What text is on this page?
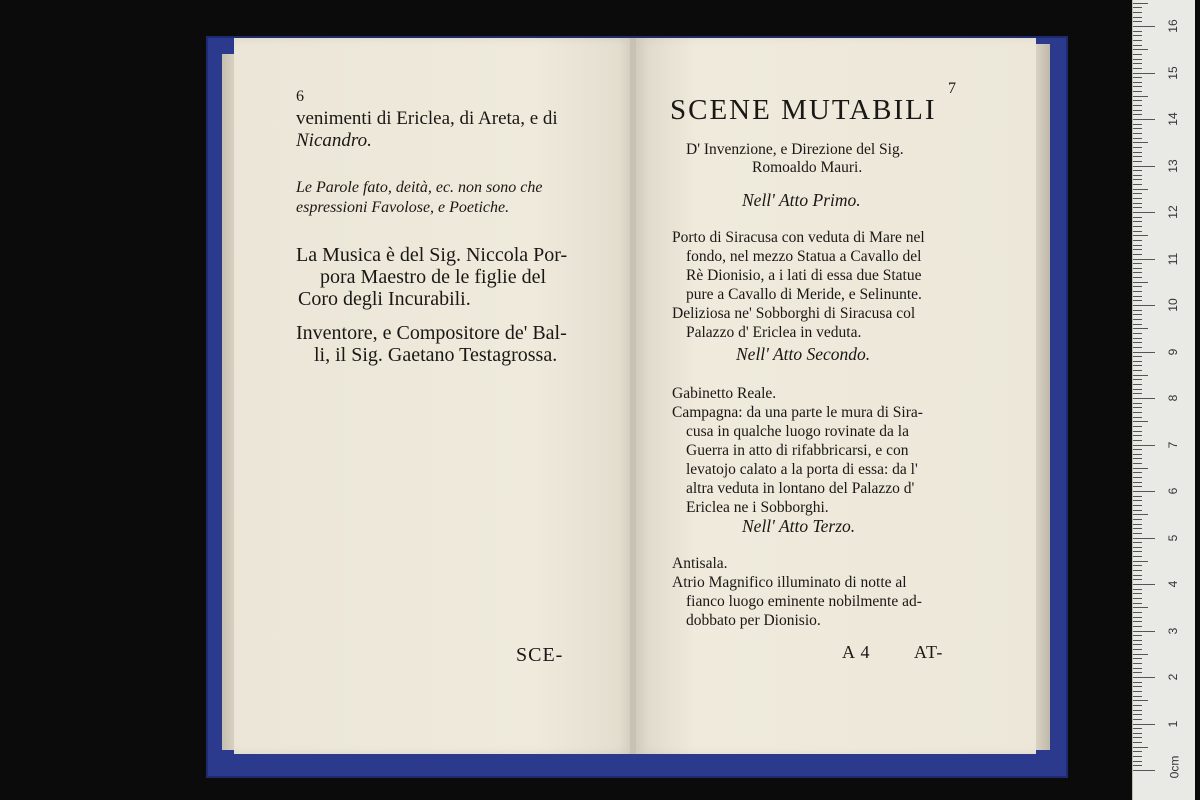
6
venimenti di Ericlea, di Areta, e di
Nicandro.
Le Parole fato, deità, ec. non sono che
espressioni Favolose, e Poetiche.
La Musica è del Sig. Niccola Por-
pora Maestro de le figlie del
Coro degli Incurabili.
Inventore, e Compositore de' Bal-
li, il Sig. Gaetano Testagrossa.
SCE-
7
SCENE MUTABILI
D' Invenzione, e Direzione del Sig.
Romoaldo Mauri.
Nell' Atto Primo.
Porto di Siracusa con veduta di Mare nel
fondo, nel mezzo Statua a Cavallo del
Rè Dionisio, a i lati di essa due Statue
pure a Cavallo di Meride, e Selinunte.
Deliziosa ne' Sobborghi di Siracusa col
Palazzo d' Ericlea in veduta.
Nell' Atto Secondo.
Gabinetto Reale.
Campagna: da una parte le mura di Sira-
cusa in qualche luogo rovinate da la
Guerra in atto di rifabbricarsi, e con
levatojo calato a la porta di essa: da l'
altra veduta in lontano del Palazzo d'
Ericlea ne i Sobborghi.
Nell' Atto Terzo.
Antisala.
Atrio Magnifico illuminato di notte al
fianco luogo eminente nobilmente ad-
dobbato per Dionisio.
A 4 AT-
1
2
3
4
5
6
7
8
9
10
11
12
13
14
15
16
0cm
